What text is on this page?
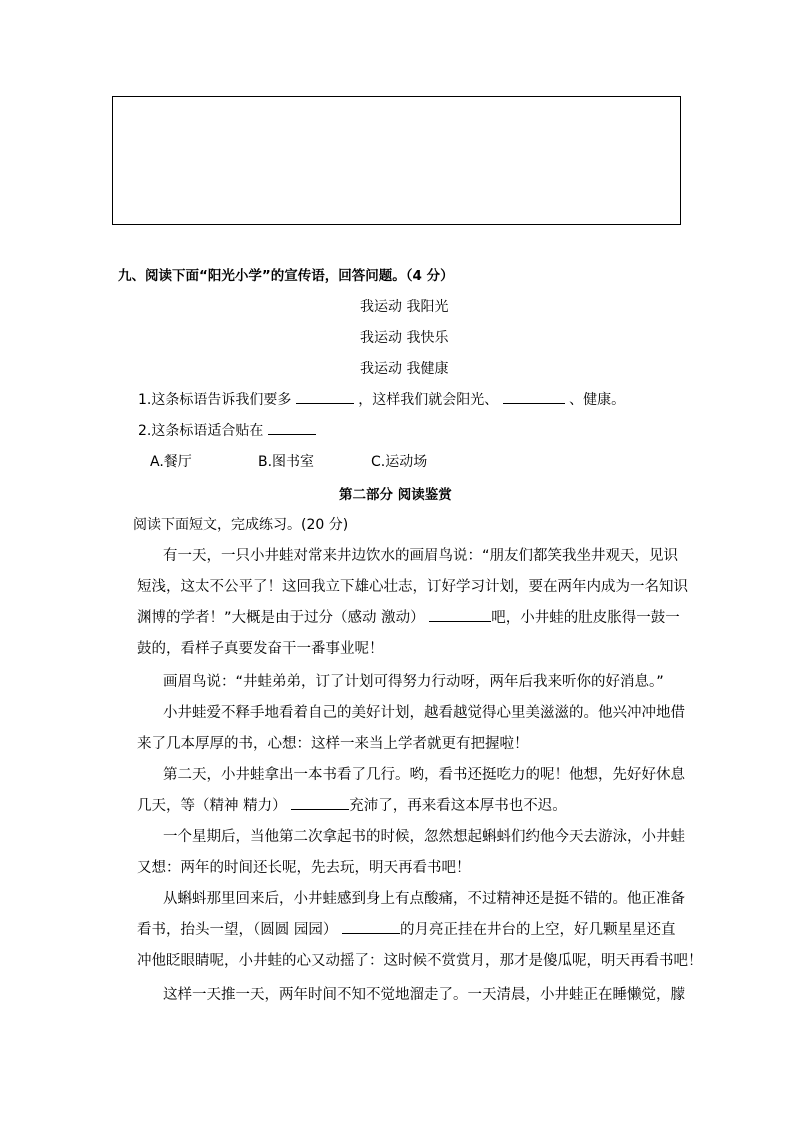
九、阅读下面“阳光小学”的宣传语，回答问题。（4 分）
我运动 我阳光
我运动 我快乐
我运动 我健康
1.这条标语告诉我们要多	，这样我们就会阳光、	、健康。
2.这条标语适合贴在
A.餐厅	B.图书室	C.运动场
第二部分 阅读鉴赏
阅读下面短文，完成练习。(20 分)
有一天，一只小井蛙对常来井边饮水的画眉鸟说：“朋友们都笑我坐井观天，见识
短浅，这太不公平了！这回我立下雄心壮志，订好学习计划，要在两年内成为一名知识
渊博的学者！”大概是由于过分（感动 激动）	吧，小井蛙的肚皮胀得一鼓一
鼓的，看样子真要发奋干一番事业呢！
画眉鸟说：“井蛙弟弟，订了计划可得努力行动呀，两年后我来听你的好消息。”
小井蛙爱不释手地看着自己的美好计划，越看越觉得心里美滋滋的。他兴冲冲地借
来了几本厚厚的书，心想：这样一来当上学者就更有把握啦！
第二天，小井蛙拿出一本书看了几行。哟，看书还挺吃力的呢！他想，先好好休息
几天，等（精神 精力）	充沛了，再来看这本厚书也不迟。
一个星期后，当他第二次拿起书的时候，忽然想起蝌蚪们约他今天去游泳，小井蛙
又想：两年的时间还长呢，先去玩，明天再看书吧！
从蝌蚪那里回来后，小井蛙感到身上有点酸痛，不过精神还是挺不错的。他正准备
看书，抬头一望，（圆圆 园园）	的月亮正挂在井台的上空，好几颗星星还直
冲他眨眼睛呢，小井蛙的心又动摇了：这时候不赏赏月，那才是傻瓜呢，明天再看书吧！
这样一天推一天，两年时间不知不觉地溜走了。一天清晨，小井蛙正在睡懒觉，朦
